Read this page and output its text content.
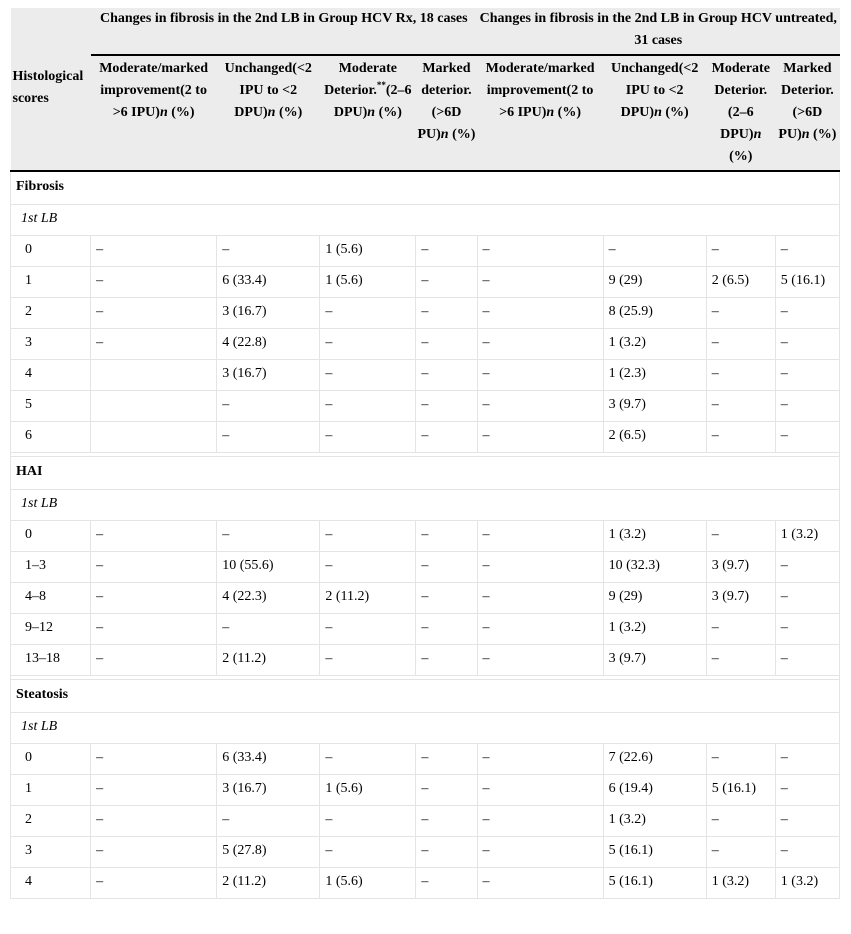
Histological scores	Changes in fibrosis in the 2nd LB in Group HCV Rx, 18 cases				Changes in fibrosis in the 2nd LB in Group HCV untreated, 31 cases			
	Moderate/marked improvement(2 to >6 IPU)n (%)	Unchanged(<2 IPU to <2 DPU)n (%)	Moderate Deterior.**(2–6 DPU)n (%)	Marked deterior. (>6D PU)n (%)	Moderate/marked improvement(2 to >6 IPU)n (%)	Unchanged(<2 IPU to <2 DPU)n (%)	Moderate Deterior. (2–6 DPU)n (%)	Marked Deterior. (>6D PU)n (%)
Fibrosis								
1st LB								
0	–	–	1 (5.6)	–	–	–	–	–
1	–	6 (33.4)	1 (5.6)	–	–	9 (29)	2 (6.5)	5 (16.1)
2	–	3 (16.7)	–	–	–	8 (25.9)	–	–
3	–	4 (22.8)	–	–	–	1 (3.2)	–	–
4		3 (16.7)	–	–	–	1 (2.3)	–	–
5		–	–	–	–	3 (9.7)	–	–
6		–	–	–	–	2 (6.5)	–	–

HAI								
1st LB								
0	–	–	–	–	–	1 (3.2)	–	1 (3.2)
1–3	–	10 (55.6)	–	–	–	10 (32.3)	3 (9.7)	–
4–8	–	4 (22.3)	2 (11.2)	–	–	9 (29)	3 (9.7)	–
9–12	–	–	–	–	–	1 (3.2)	–	–
13–18	–	2 (11.2)	–	–	–	3 (9.7)	–	–

Steatosis								
1st LB								
0	–	6 (33.4)	–	–	–	7 (22.6)	–	–
1	–	3 (16.7)	1 (5.6)	–	–	6 (19.4)	5 (16.1)	–
2	–	–	–	–	–	1 (3.2)	–	–
3	–	5 (27.8)	–	–	–	5 (16.1)	–	–
4	–	2 (11.2)	1 (5.6)	–	–	5 (16.1)	1 (3.2)	1 (3.2)
